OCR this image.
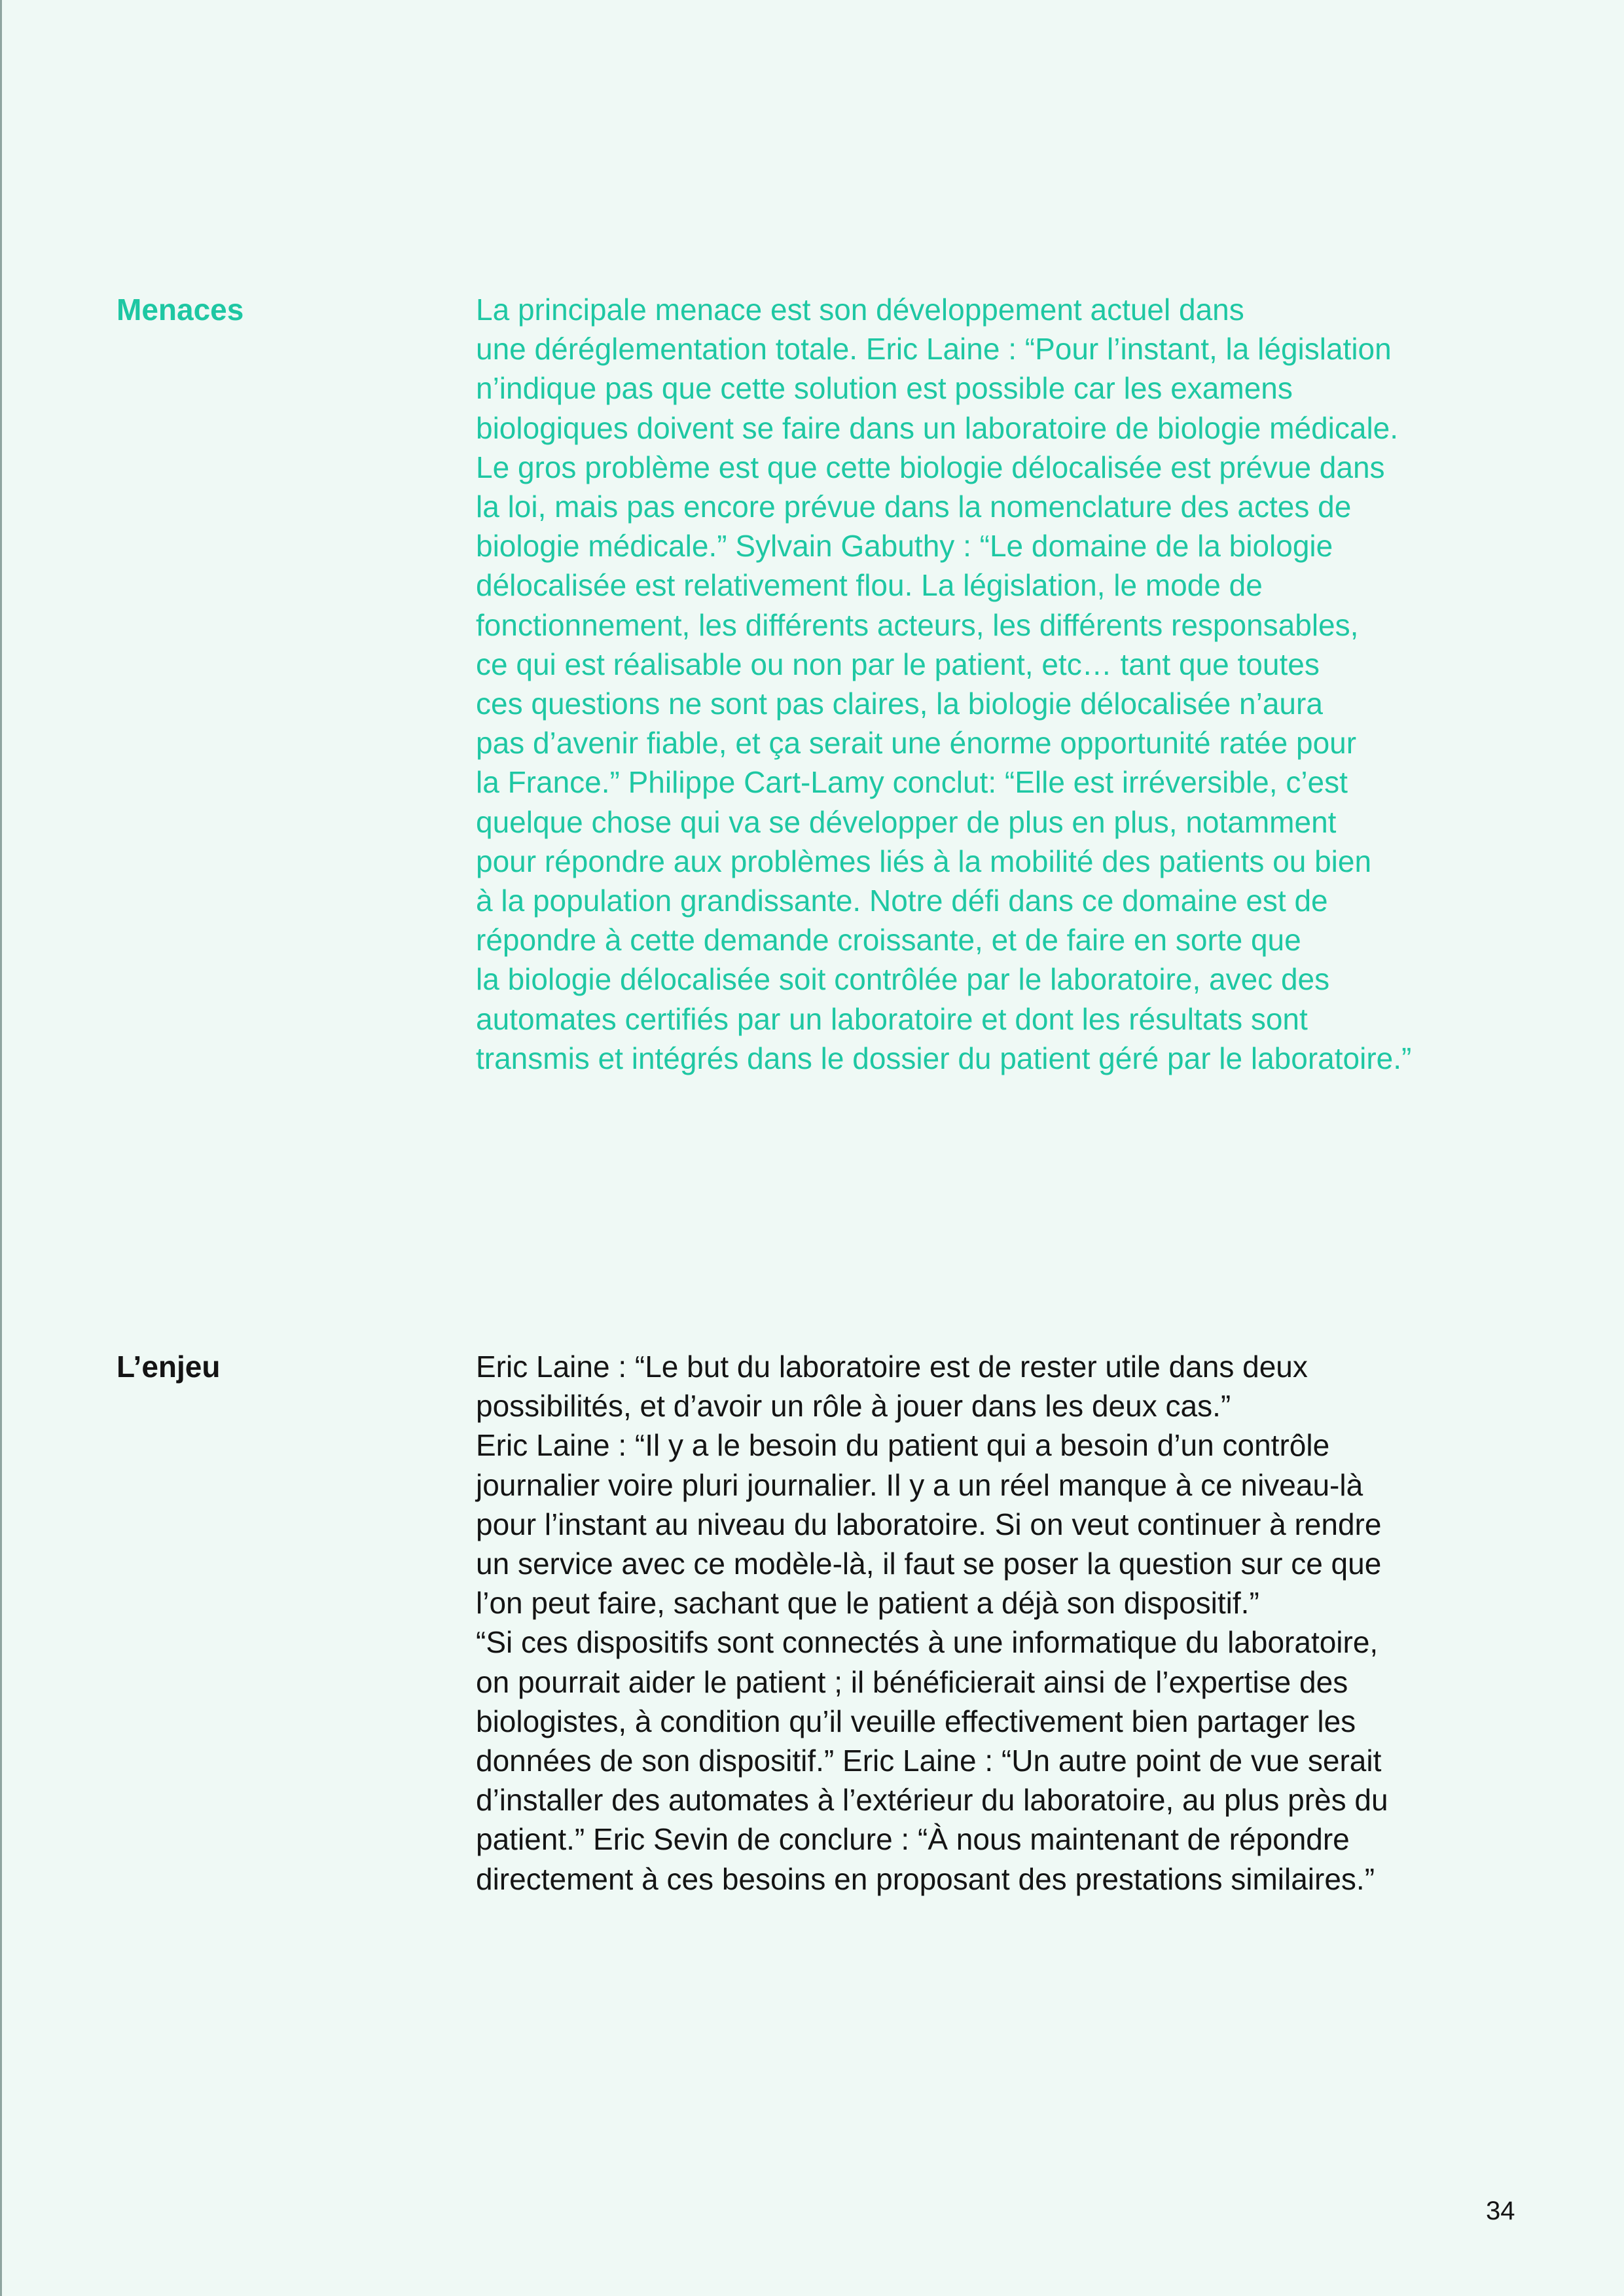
Menaces	La principale menace est son développement actuel dans
une déréglementation totale. Eric Laine : “Pour l’instant, la législation
n’indique pas que cette solution est possible car les examens
biologiques doivent se faire dans un laboratoire de biologie médicale.
Le gros problème est que cette biologie délocalisée est prévue dans
la loi, mais pas encore prévue dans la nomenclature des actes de
biologie médicale.” Sylvain Gabuthy : “Le domaine de la biologie
délocalisée est relativement flou. La législation, le mode de
fonctionnement, les différents acteurs, les différents responsables,
ce qui est réalisable ou non par le patient, etc… tant que toutes
ces questions ne sont pas claires, la biologie délocalisée n’aura
pas d’avenir fiable, et ça serait une énorme opportunité ratée pour
la France.” Philippe Cart-Lamy conclut: “Elle est irréversible, c’est
quelque chose qui va se développer de plus en plus, notamment
pour répondre aux problèmes liés à la mobilité des patients ou bien
à la population grandissante. Notre défi dans ce domaine est de
répondre à cette demande croissante, et de faire en sorte que
la biologie délocalisée soit contrôlée par le laboratoire, avec des
automates certifiés par un laboratoire et dont les résultats sont
transmis et intégrés dans le dossier du patient géré par le laboratoire.”

L’enjeu	Eric Laine : “Le but du laboratoire est de rester utile dans deux
possibilités, et d’avoir un rôle à jouer dans les deux cas.”
Eric Laine : “Il y a le besoin du patient qui a besoin d’un contrôle
journalier voire pluri journalier. Il y a un réel manque à ce niveau-là
pour l’instant au niveau du laboratoire. Si on veut continuer à rendre
un service avec ce modèle-là, il faut se poser la question sur ce que
l’on peut faire, sachant que le patient a déjà son dispositif.”
“Si ces dispositifs sont connectés à une informatique du laboratoire,
on pourrait aider le patient ; il bénéficierait ainsi de l’expertise des
biologistes, à condition qu’il veuille effectivement bien partager les
données de son dispositif.” Eric Laine : “Un autre point de vue serait
d’installer des automates à l’extérieur du laboratoire, au plus près du
patient.” Eric Sevin de conclure : “À nous maintenant de répondre
directement à ces besoins en proposant des prestations similaires.”

34
